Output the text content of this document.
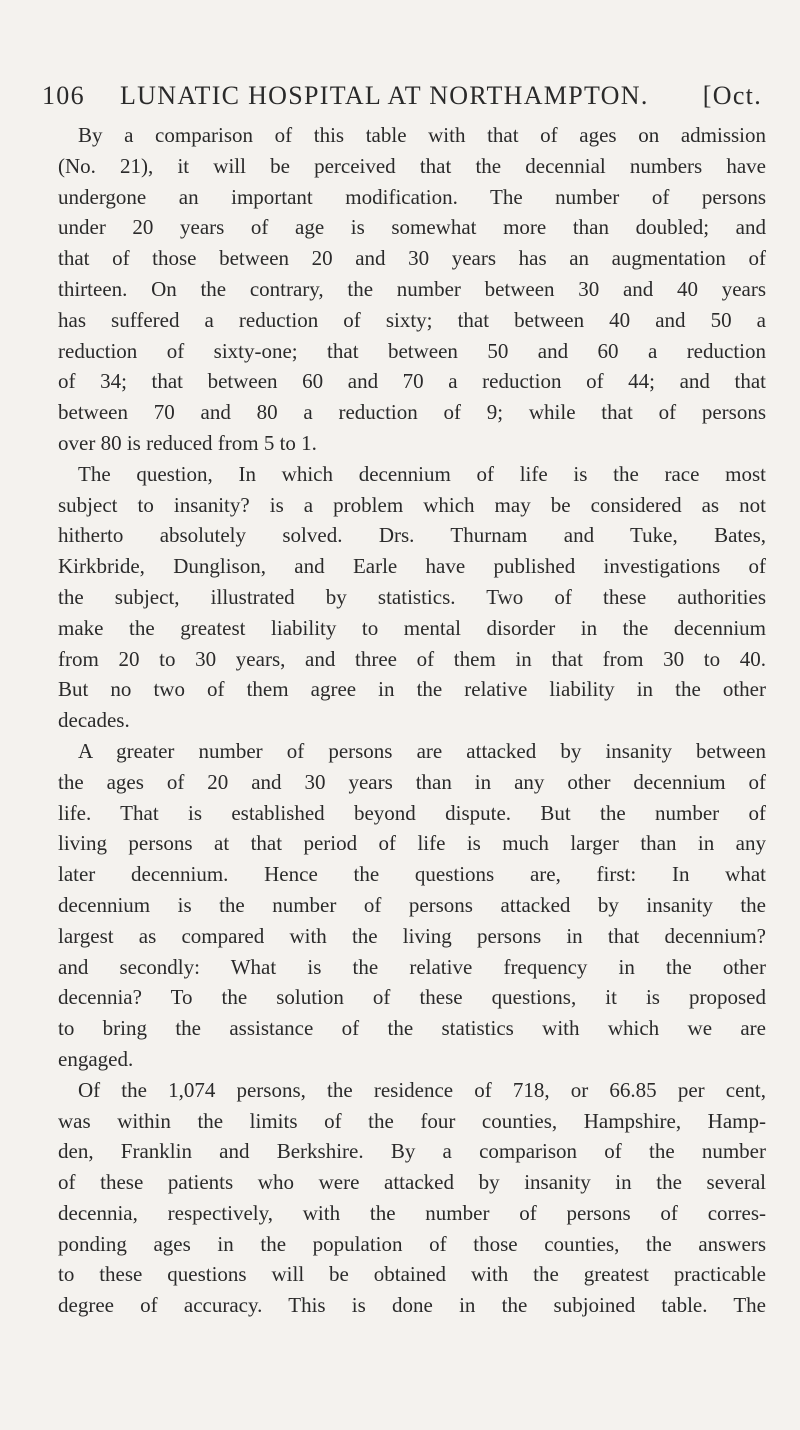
106 LUNATIC HOSPITAL AT NORTHAMPTON. [Oct.

By a comparison of this table with that of ages on admission
(No. 21), it will be perceived that the decennial numbers have
undergone an important modification. The number of persons
under 20 years of age is somewhat more than doubled; and
that of those between 20 and 30 years has an augmentation of
thirteen. On the contrary, the number between 30 and 40 years
has suffered a reduction of sixty; that between 40 and 50 a
reduction of sixty-one; that between 50 and 60 a reduction
of 34; that between 60 and 70 a reduction of 44; and that
between 70 and 80 a reduction of 9; while that of persons
over 80 is reduced from 5 to 1.

The question, In which decennium of life is the race most
subject to insanity? is a problem which may be considered as not
hitherto absolutely solved. Drs. Thurnam and Tuke, Bates,
Kirkbride, Dunglison, and Earle have published investigations of
the subject, illustrated by statistics. Two of these authorities
make the greatest liability to mental disorder in the decennium
from 20 to 30 years, and three of them in that from 30 to 40.
But no two of them agree in the relative liability in the other
decades.

A greater number of persons are attacked by insanity between
the ages of 20 and 30 years than in any other decennium of
life. That is established beyond dispute. But the number of
living persons at that period of life is much larger than in any
later decennium. Hence the questions are, first: In what
decennium is the number of persons attacked by insanity the
largest as compared with the living persons in that decennium?
and secondly: What is the relative frequency in the other
decennia? To the solution of these questions, it is proposed
to bring the assistance of the statistics with which we are
engaged.

Of the 1,074 persons, the residence of 718, or 66.85 per cent,
was within the limits of the four counties, Hampshire, Hamp-
den, Franklin and Berkshire. By a comparison of the number
of these patients who were attacked by insanity in the several
decennia, respectively, with the number of persons of corres-
ponding ages in the population of those counties, the answers
to these questions will be obtained with the greatest practicable
degree of accuracy. This is done in the subjoined table. The
